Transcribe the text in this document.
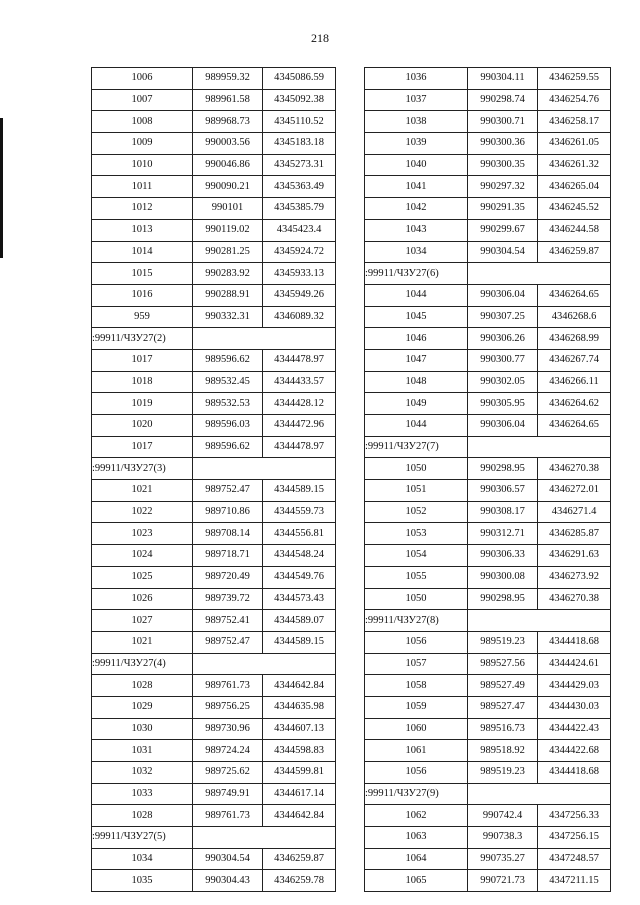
218
1006	989959.32	4345086.59
1007	989961.58	4345092.38
1008	989968.73	4345110.52
1009	990003.56	4345183.18
1010	990046.86	4345273.31
1011	990090.21	4345363.49
1012	990101	4345385.79
1013	990119.02	4345423.4
1014	990281.25	4345924.72
1015	990283.92	4345933.13
1016	990288.91	4345949.26
959	990332.31	4346089.32
:99911/ЧЗУ27(2)		
1017	989596.62	4344478.97
1018	989532.45	4344433.57
1019	989532.53	4344428.12
1020	989596.03	4344472.96
1017	989596.62	4344478.97
:99911/ЧЗУ27(3)		
1021	989752.47	4344589.15
1022	989710.86	4344559.73
1023	989708.14	4344556.81
1024	989718.71	4344548.24
1025	989720.49	4344549.76
1026	989739.72	4344573.43
1027	989752.41	4344589.07
1021	989752.47	4344589.15
:99911/ЧЗУ27(4)		
1028	989761.73	4344642.84
1029	989756.25	4344635.98
1030	989730.96	4344607.13
1031	989724.24	4344598.83
1032	989725.62	4344599.81
1033	989749.91	4344617.14
1028	989761.73	4344642.84
:99911/ЧЗУ27(5)		
1034	990304.54	4346259.87
1035	990304.43	4346259.78
1036	990304.11	4346259.55
1037	990298.74	4346254.76
1038	990300.71	4346258.17
1039	990300.36	4346261.05
1040	990300.35	4346261.32
1041	990297.32	4346265.04
1042	990291.35	4346245.52
1043	990299.67	4346244.58
1034	990304.54	4346259.87
:99911/ЧЗУ27(6)		
1044	990306.04	4346264.65
1045	990307.25	4346268.6
1046	990306.26	4346268.99
1047	990300.77	4346267.74
1048	990302.05	4346266.11
1049	990305.95	4346264.62
1044	990306.04	4346264.65
:99911/ЧЗУ27(7)		
1050	990298.95	4346270.38
1051	990306.57	4346272.01
1052	990308.17	4346271.4
1053	990312.71	4346285.87
1054	990306.33	4346291.63
1055	990300.08	4346273.92
1050	990298.95	4346270.38
:99911/ЧЗУ27(8)		
1056	989519.23	4344418.68
1057	989527.56	4344424.61
1058	989527.49	4344429.03
1059	989527.47	4344430.03
1060	989516.73	4344422.43
1061	989518.92	4344422.68
1056	989519.23	4344418.68
:99911/ЧЗУ27(9)		
1062	990742.4	4347256.33
1063	990738.3	4347256.15
1064	990735.27	4347248.57
1065	990721.73	4347211.15
